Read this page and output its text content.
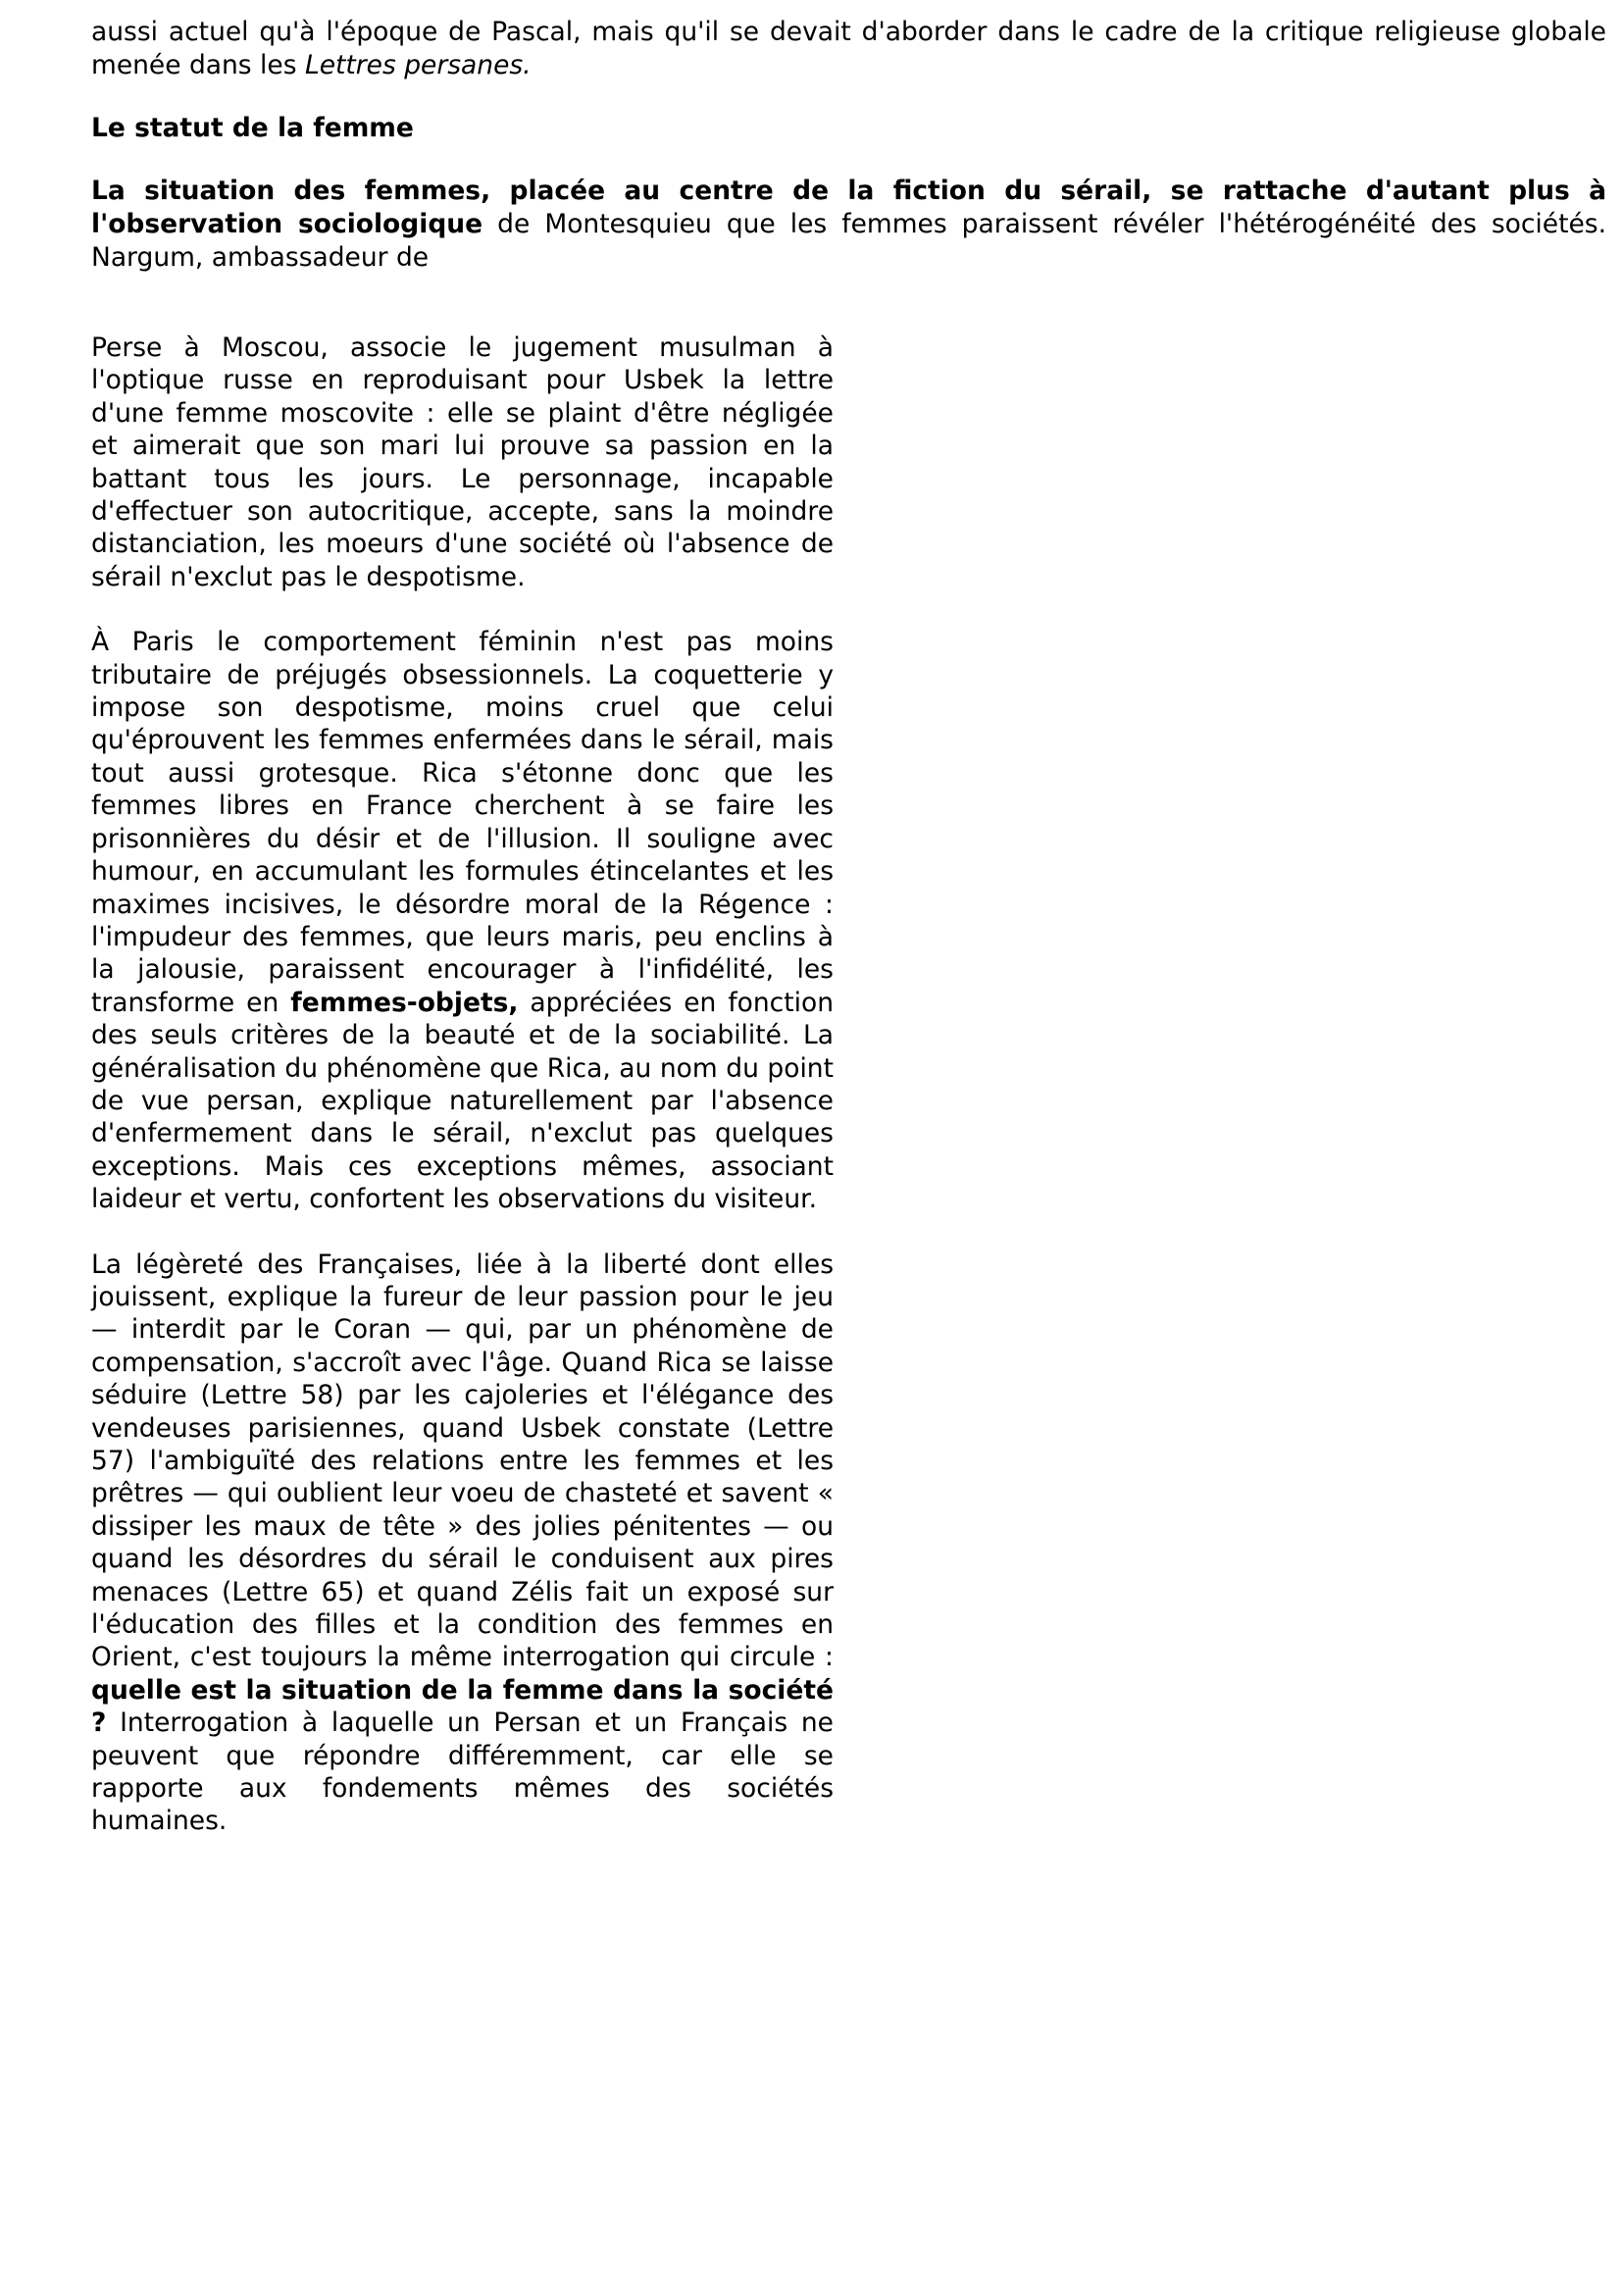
aussi actuel qu'à l'époque de Pascal, mais qu'il se devait d'aborder dans le cadre de la critique religieuse globale menée dans les Lettres persanes.

Le statut de la femme

La situation des femmes, placée au centre de la fiction du sérail, se rattache d'autant plus à l'observation sociologique de Montesquieu que les femmes paraissent révéler l'hétérogénéité des sociétés. Nargum, ambassadeur de

Perse à Moscou, associe le jugement musulman à l'optique russe en reproduisant pour Usbek la lettre d'une femme moscovite : elle se plaint d'être négligée et aimerait que son mari lui prouve sa passion en la battant tous les jours. Le personnage, incapable d'effectuer son autocritique, accepte, sans la moindre distanciation, les moeurs d'une société où l'absence de sérail n'exclut pas le despotisme.

À Paris le comportement féminin n'est pas moins tributaire de préjugés obsessionnels. La coquetterie y impose son despotisme, moins cruel que celui qu'éprouvent les femmes enfermées dans le sérail, mais tout aussi grotesque. Rica s'étonne donc que les femmes libres en France cherchent à se faire les prisonnières du désir et de l'illusion. Il souligne avec humour, en accumulant les formules étincelantes et les maximes incisives, le désordre moral de la Régence : l'impudeur des femmes, que leurs maris, peu enclins à la jalousie, paraissent encourager à l'infidélité, les transforme en femmes-objets, appréciées en fonction des seuls critères de la beauté et de la sociabilité. La généralisation du phénomène que Rica, au nom du point de vue persan, explique naturellement par l'absence d'enfermement dans le sérail, n'exclut pas quelques exceptions. Mais ces exceptions mêmes, associant laideur et vertu, confortent les observations du visiteur.

La légèreté des Françaises, liée à la liberté dont elles jouissent, explique la fureur de leur passion pour le jeu — interdit par le Coran — qui, par un phénomène de compensation, s'accroît avec l'âge. Quand Rica se laisse séduire (Lettre 58) par les cajoleries et l'élégance des vendeuses parisiennes, quand Usbek constate (Lettre 57) l'ambiguïté des relations entre les femmes et les prêtres — qui oublient leur voeu de chasteté et savent « dissiper les maux de tête » des jolies pénitentes — ou quand les désordres du sérail le conduisent aux pires menaces (Lettre 65) et quand Zélis fait un exposé sur l'éducation des filles et la condition des femmes en Orient, c'est toujours la même interrogation qui circule : quelle est la situation de la femme dans la société ? Interrogation à laquelle un Persan et un Français ne peuvent que répondre différemment, car elle se rapporte aux fondements mêmes des sociétés humaines.
